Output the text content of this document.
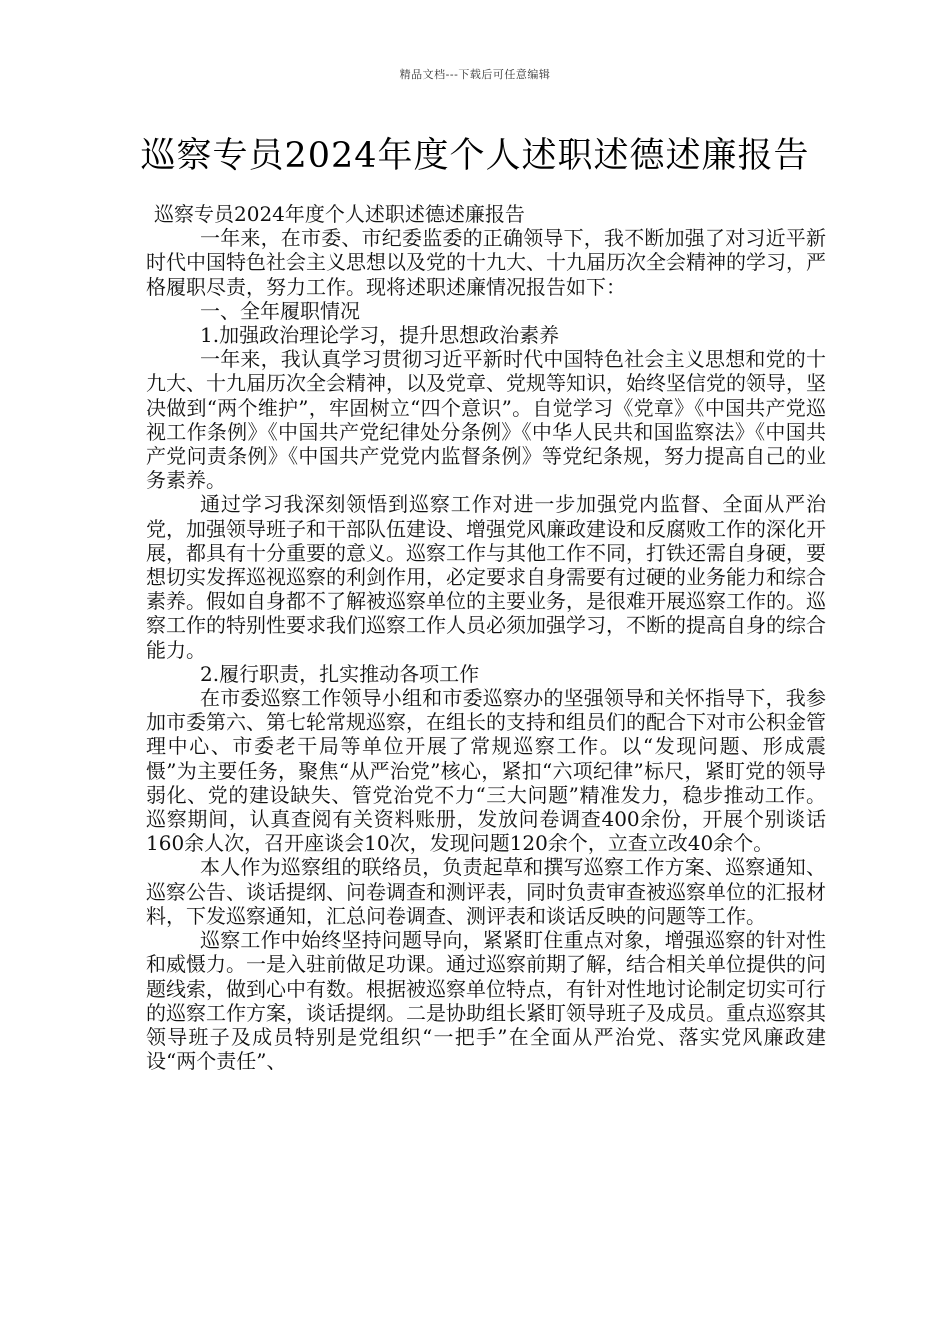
精品文档---下载后可任意编辑
巡察专员2024年度个人述职述德述廉报告

巡察专员2024年度个人述职述德述廉报告

一年来，在市委、市纪委监委的正确领导下，我不断加强了对习近平新时代中国特色社会主义思想以及党的十九大、十九届历次全会精神的学习，严格履职尽责，努力工作。现将述职述廉情况报告如下：

一、全年履职情况

1.加强政治理论学习，提升思想政治素养

一年来，我认真学习贯彻习近平新时代中国特色社会主义思想和党的十九大、十九届历次全会精神，以及党章、党规等知识，始终坚信党的领导，坚决做到“两个维护”，牢固树立“四个意识”。自觉学习《党章》《中国共产党巡视工作条例》《中国共产党纪律处分条例》《中华人民共和国监察法》《中国共产党问责条例》《中国共产党党内监督条例》等党纪条规，努力提高自己的业务素养。

通过学习我深刻领悟到巡察工作对进一步加强党内监督、全面从严治党，加强领导班子和干部队伍建设、增强党风廉政建设和反腐败工作的深化开展，都具有十分重要的意义。巡察工作与其他工作不同，打铁还需自身硬，要想切实发挥巡视巡察的利剑作用，必定要求自身需要有过硬的业务能力和综合素养。假如自身都不了解被巡察单位的主要业务，是很难开展巡察工作的。巡察工作的特别性要求我们巡察工作人员必须加强学习，不断的提高自身的综合能力。

2.履行职责，扎实推动各项工作

在市委巡察工作领导小组和市委巡察办的坚强领导和关怀指导下，我参加市委第六、第七轮常规巡察，在组长的支持和组员们的配合下对市公积金管理中心、市委老干局等单位开展了常规巡察工作。以“发现问题、形成震慑”为主要任务，聚焦“从严治党”核心，紧扣“六项纪律”标尺，紧盯党的领导弱化、党的建设缺失、管党治党不力“三大问题”精准发力，稳步推动工作。巡察期间，认真查阅有关资料账册，发放问卷调查400余份，开展个别谈话160余人次，召开座谈会10次，发现问题120余个，立查立改40余个。

本人作为巡察组的联络员，负责起草和撰写巡察工作方案、巡察通知、巡察公告、谈话提纲、问卷调查和测评表，同时负责审查被巡察单位的汇报材料，下发巡察通知，汇总问卷调查、测评表和谈话反映的问题等工作。

巡察工作中始终坚持问题导向，紧紧盯住重点对象，增强巡察的针对性和威慑力。一是入驻前做足功课。通过巡察前期了解，结合相关单位提供的问题线索，做到心中有数。根据被巡察单位特点，有针对性地讨论制定切实可行的巡察工作方案，谈话提纲。二是协助组长紧盯领导班子及成员。重点巡察其领导班子及成员特别是党组织“一把手”在全面从严治党、落实党风廉政建设“两个责任”、
